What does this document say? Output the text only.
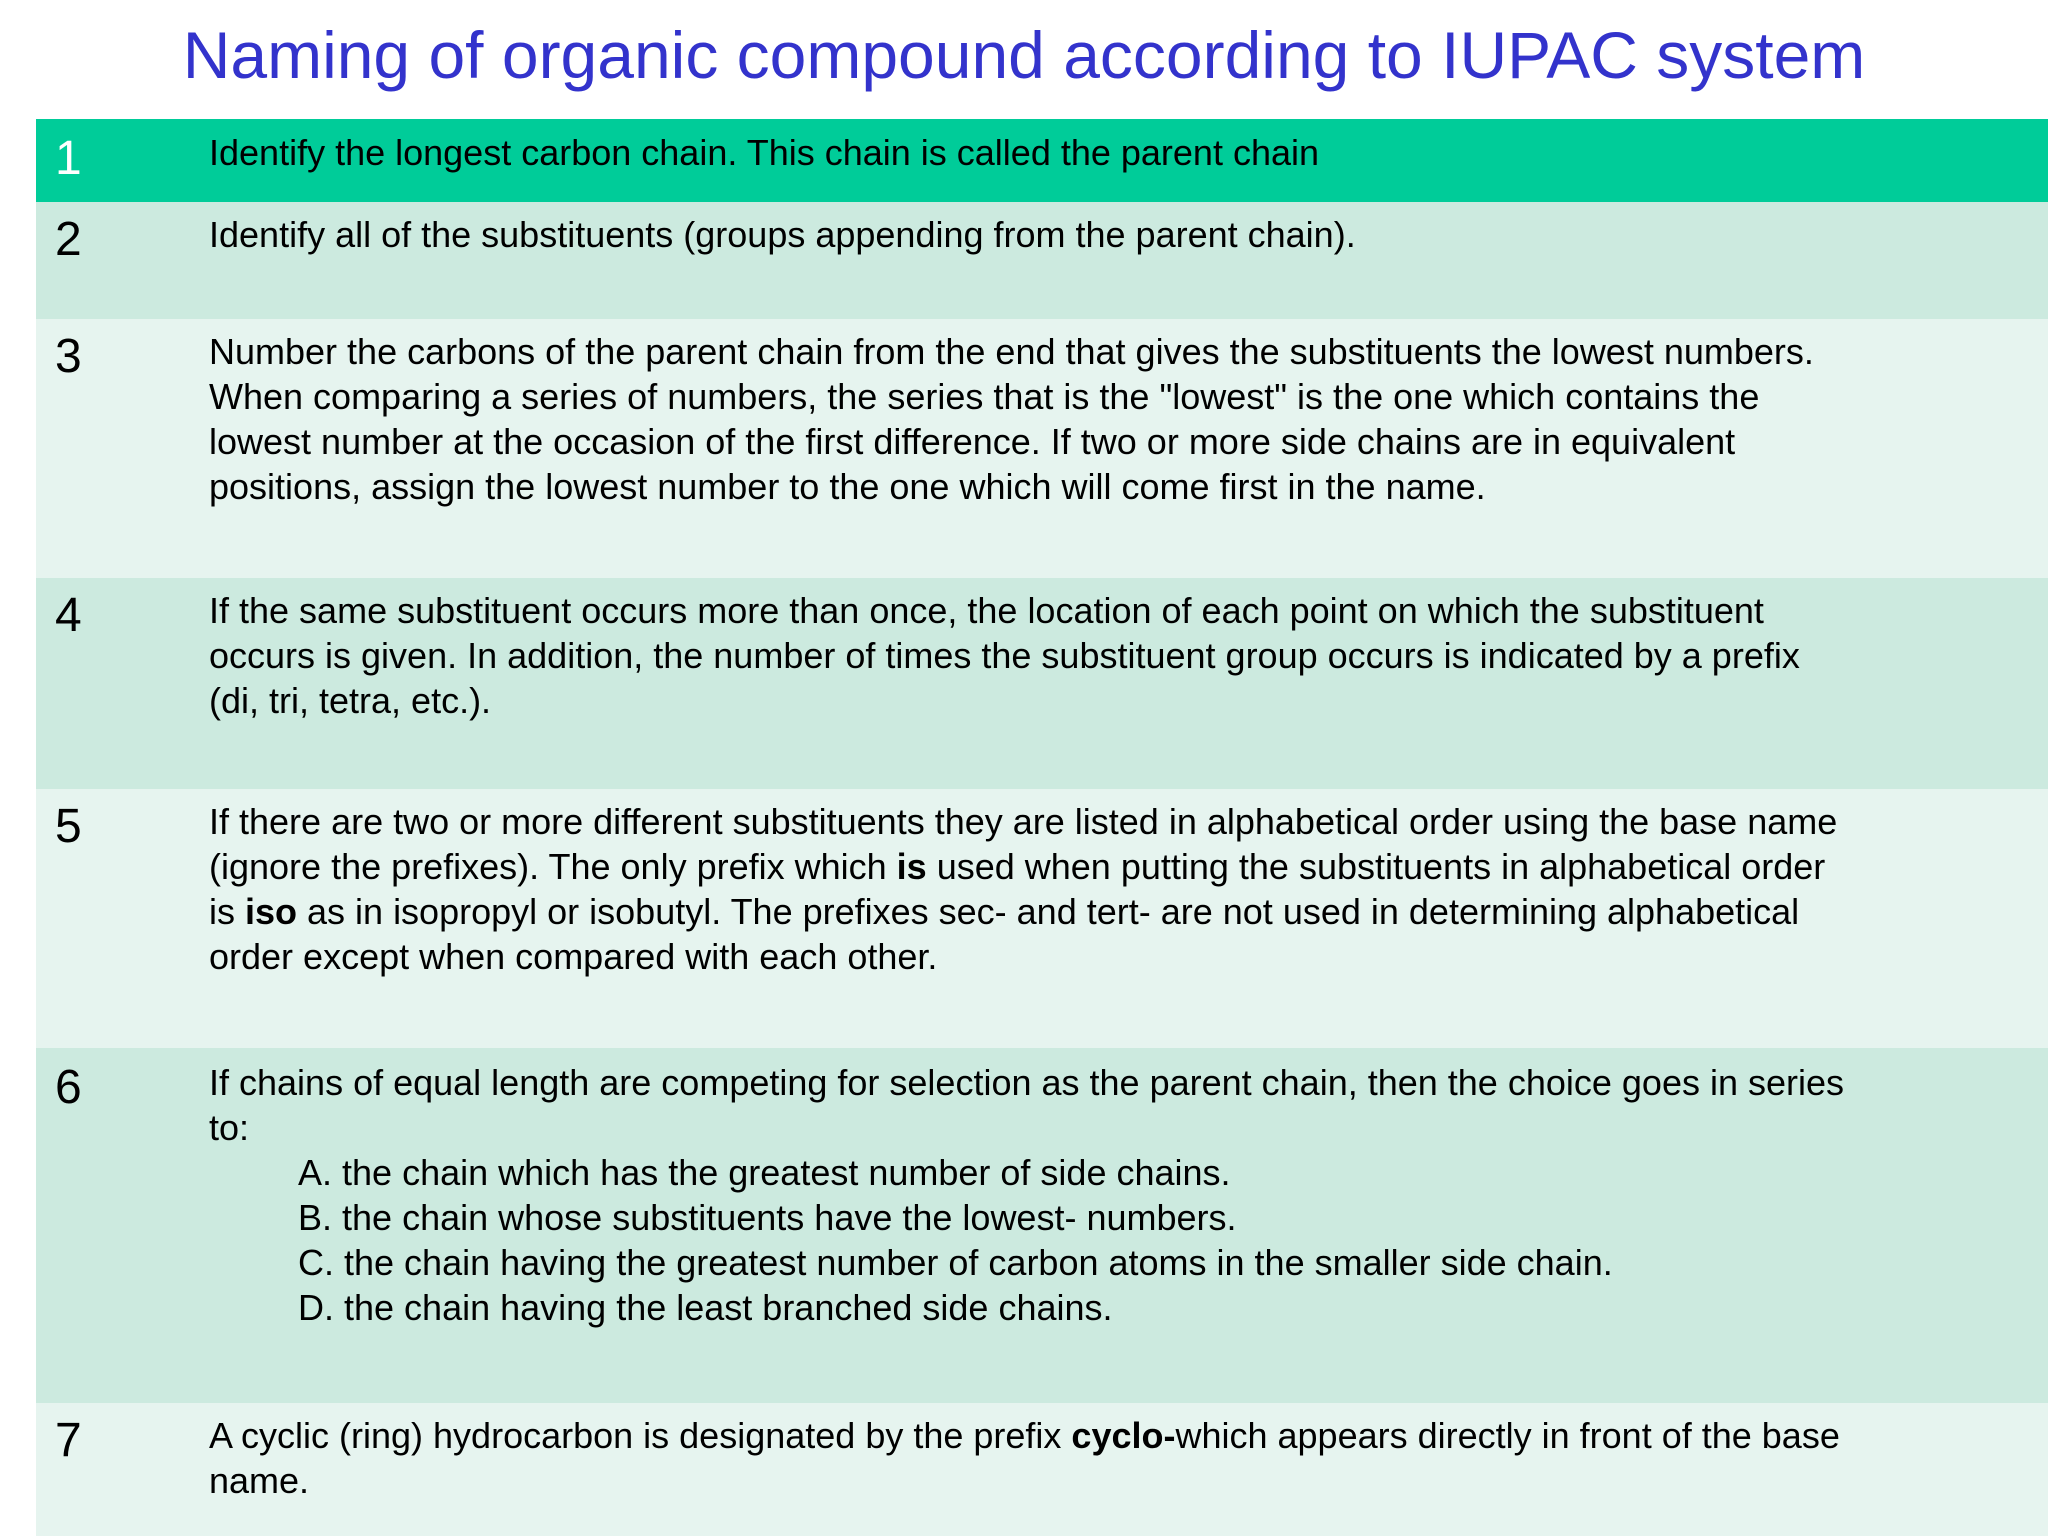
Naming of organic compound according to IUPAC system
1	Identify the longest carbon chain. This chain is called the parent chain
2	Identify all of the substituents (groups appending from the parent chain).
3	Number the carbons of the parent chain from the end that gives the substituents the lowest numbers.
When comparing a series of numbers, the series that is the "lowest" is the one which contains the
lowest number at the occasion of the first difference. If two or more side chains are in equivalent
positions, assign the lowest number to the one which will come first in the name.
4	If the same substituent occurs more than once, the location of each point on which the substituent
occurs is given. In addition, the number of times the substituent group occurs is indicated by a prefix
(di, tri, tetra, etc.).
5	If there are two or more different substituents they are listed in alphabetical order using the base name
(ignore the prefixes). The only prefix which is used when putting the substituents in alphabetical order
is iso as in isopropyl or isobutyl. The prefixes sec- and tert- are not used in determining alphabetical
order except when compared with each other.
6	If chains of equal length are competing for selection as the parent chain, then the choice goes in series
to:
A. the chain which has the greatest number of side chains.
B. the chain whose substituents have the lowest- numbers.
C. the chain having the greatest number of carbon atoms in the smaller side chain.
D. the chain having the least branched side chains.
7	A cyclic (ring) hydrocarbon is designated by the prefix cyclo-which appears directly in front of the base
name.
